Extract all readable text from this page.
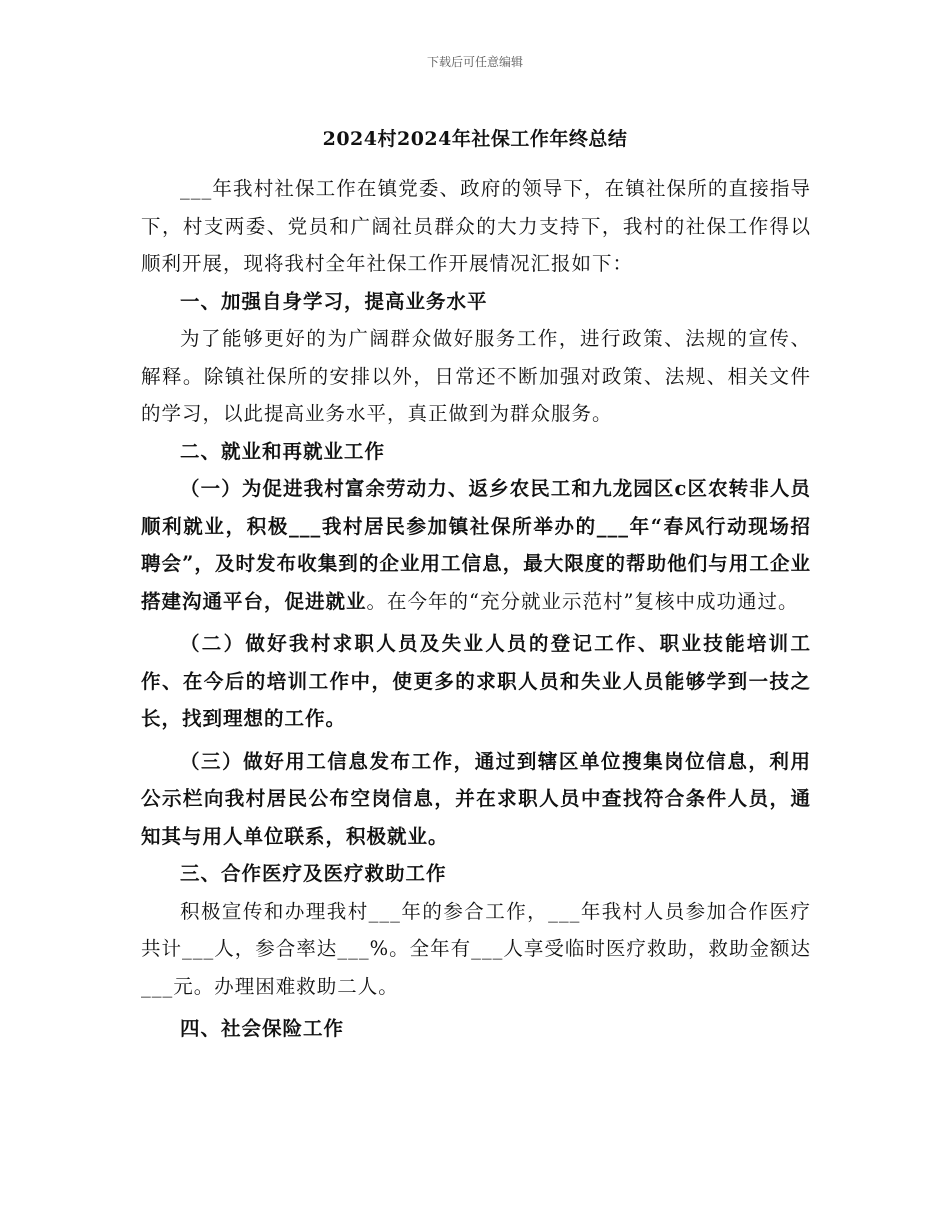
下载后可任意编辑
2024村2024年社保工作年终总结

___年我村社保工作在镇党委、政府的领导下，在镇社保所的直接指导下，村支两委、党员和广阔社员群众的大力支持下，我村的社保工作得以顺利开展，现将我村全年社保工作开展情况汇报如下：

一、加强自身学习，提高业务水平

为了能够更好的为广阔群众做好服务工作，进行政策、法规的宣传、解释。除镇社保所的安排以外，日常还不断加强对政策、法规、相关文件的学习，以此提高业务水平，真正做到为群众服务。

二、就业和再就业工作

（一）为促进我村富余劳动力、返乡农民工和九龙园区c区农转非人员顺利就业，积极___我村居民参加镇社保所举办的___年“春风行动现场招聘会”，及时发布收集到的企业用工信息，最大限度的帮助他们与用工企业搭建沟通平台，促进就业。在今年的“充分就业示范村”复核中成功通过。

（二）做好我村求职人员及失业人员的登记工作、职业技能培训工作、在今后的培训工作中，使更多的求职人员和失业人员能够学到一技之长，找到理想的工作。

（三）做好用工信息发布工作，通过到辖区单位搜集岗位信息，利用公示栏向我村居民公布空岗信息，并在求职人员中查找符合条件人员，通知其与用人单位联系，积极就业。

三、合作医疗及医疗救助工作

积极宣传和办理我村___年的参合工作，___年我村人员参加合作医疗共计___人，参合率达___%。全年有___人享受临时医疗救助，救助金额达___元。办理困难救助二人。

四、社会保险工作
